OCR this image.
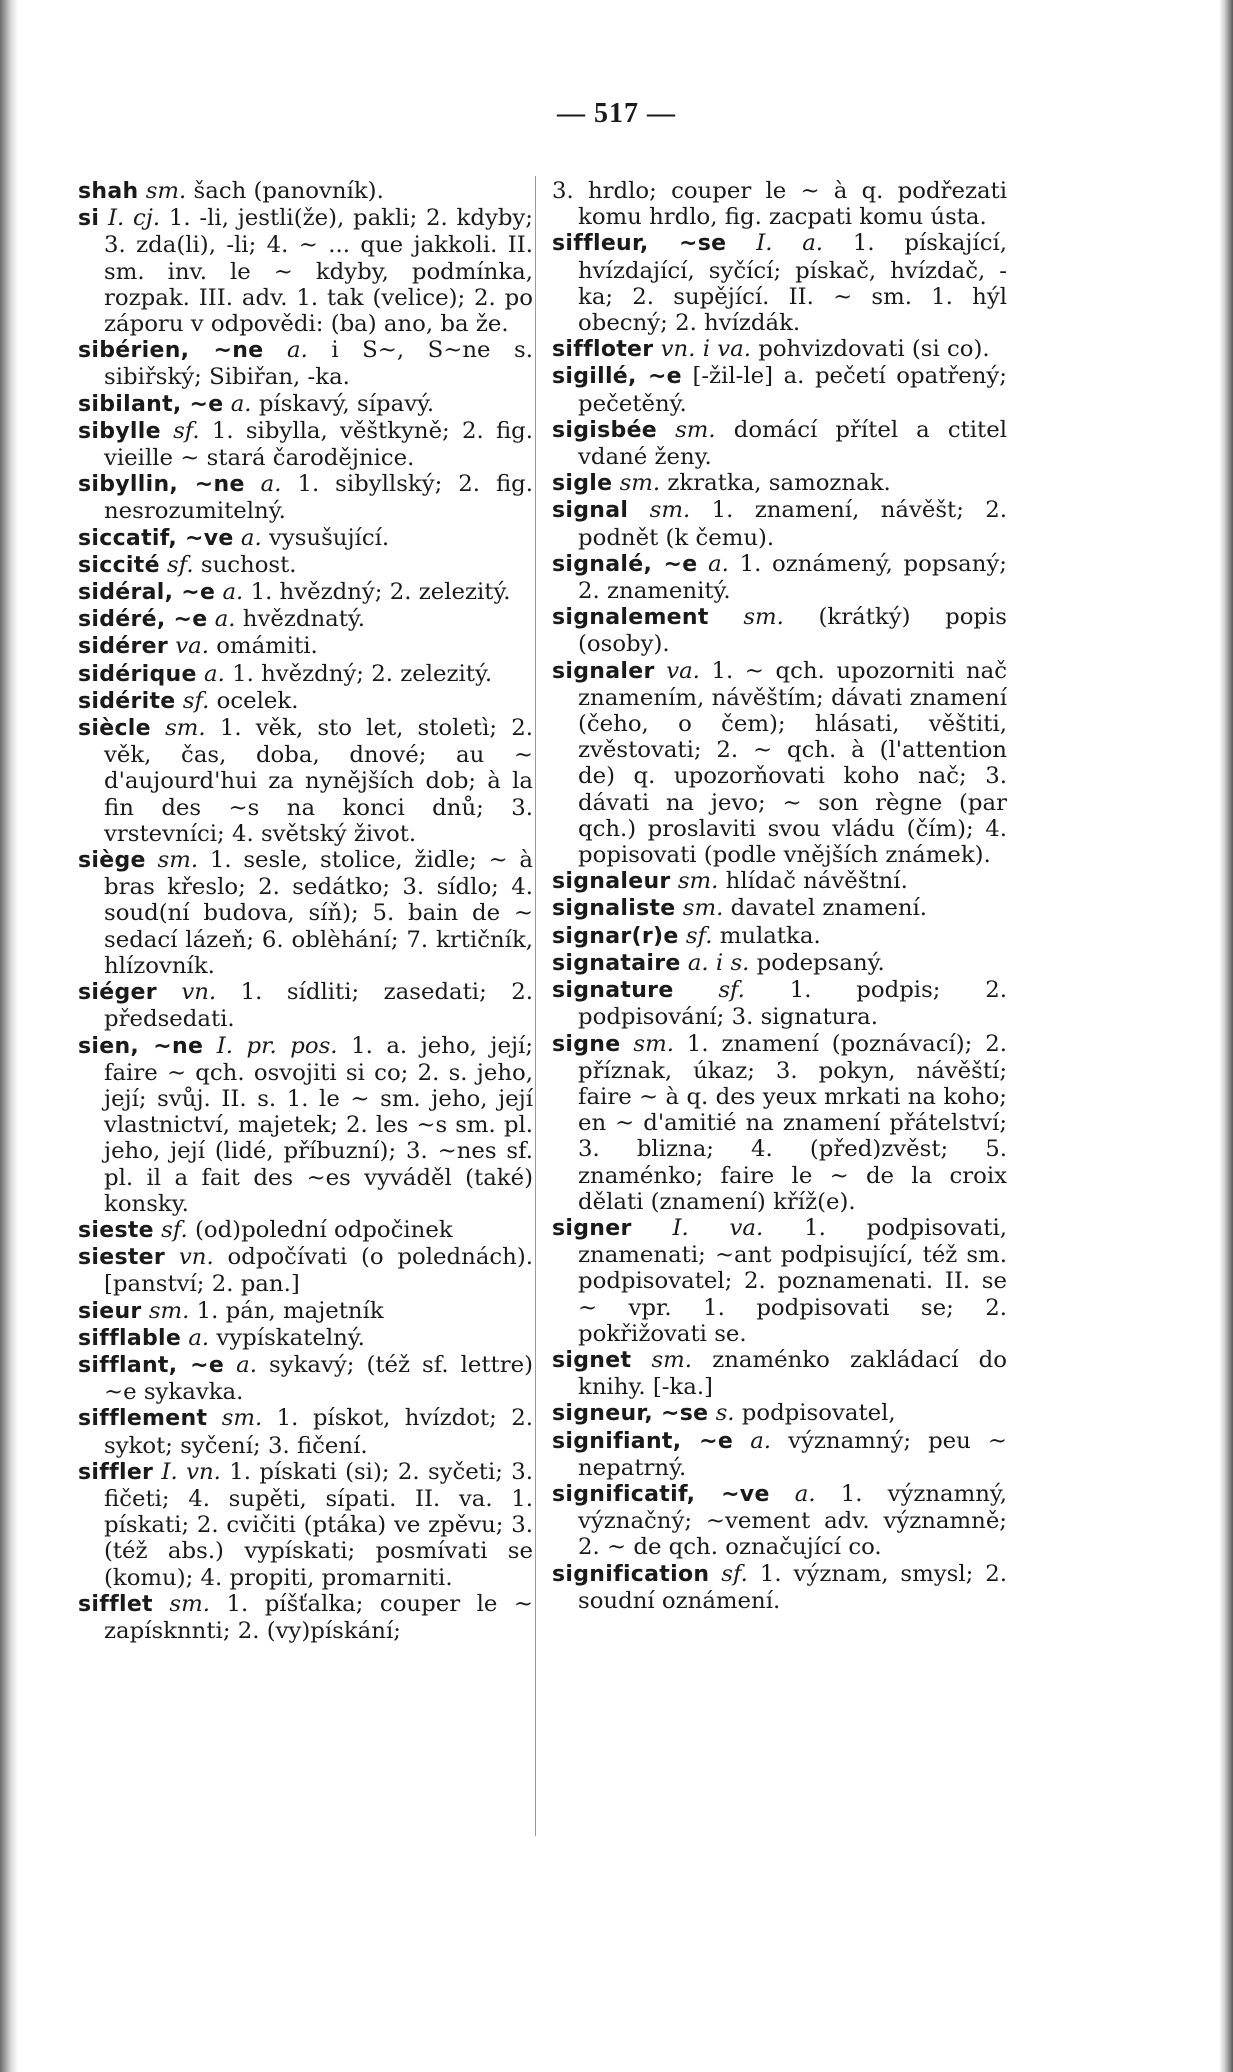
— 517 —

shah sm. šach (panovník).

si I. cj. 1. -li, jestli(že), pakli; 2. kdyby; 3. zda(li), -li; 4. ~ ... que jakkoli. II. sm. inv. le ~ kdyby, podmínka, rozpak. III. adv. 1. tak (velice); 2. po záporu v odpovědi: (ba) ano, ba že.

sibérien, ~ne a. i S~, S~ne s. sibiřský; Sibiřan, -ka.

sibilant, ~e a. pískavý, sípavý.

sibylle sf. 1. sibylla, věštkyně; 2. fig. vieille ~ stará čarodějnice.

sibyllin, ~ne a. 1. sibyllský; 2. fig. nesrozumitelný.

siccatif, ~ve a. vysušující.

siccité sf. suchost.

sidéral, ~e a. 1. hvězdný; 2. zelezitý.

sidéré, ~e a. hvězdnatý.

sidérer va. omámiti.

sidérique a. 1. hvězdný; 2. zelezitý.

sidérite sf. ocelek.

siècle sm. 1. věk, sto let, stoletì; 2. věk, čas, doba, dnové; au ~ d'aujourd'hui za nynějších dob; à la fin des ~s na konci dnů; 3. vrstevníci; 4. světský život.

siège sm. 1. sesle, stolice, židle; ~ à bras křeslo; 2. sedátko; 3. sídlo; 4. soud(ní budova, síň); 5. bain de ~ sedací lázeň; 6. oblèhání; 7. krtičník, hlízovník.

siéger vn. 1. sídliti; zasedati; 2. předsedati.

sien, ~ne I. pr. pos. 1. a. jeho, její; faire ~ qch. osvojiti si co; 2. s. jeho, její; svůj. II. s. 1. le ~ sm. jeho, její vlastnictví, majetek; 2. les ~s sm. pl. jeho, její (lidé, příbuzní); 3. ~nes sf. pl. il a fait des ~es vyváděl (také) konsky.

sieste sf. (od)polední odpočinek

siester vn. odpočívati (o polednách). [panství; 2. pan.]

sieur sm. 1. pán, majetník

sifflable a. vypískatelný.

sifflant, ~e a. sykavý; (též sf. lettre) ~e sykavka.

sifflement sm. 1. pískot, hvízdot; 2. sykot; syčení; 3. fičení.

siffler I. vn. 1. pískati (si); 2. syčeti; 3. fičeti; 4. supěti, sípati. II. va. 1. pískati; 2. cvičiti (ptáka) ve zpěvu; 3. (též abs.) vypískati; posmívati se (komu); 4. propiti, promarniti.

sifflet sm. 1. píšťalka; couper le ~ zapísknnti; 2. (vy)pískání;

3. hrdlo; couper le ~ à q. podřezati komu hrdlo, fig. zacpati komu ústa.

siffleur, ~se I. a. 1. pískající, hvízdající, syčící; pískač, hvízdač, -ka; 2. supějící. II. ~ sm. 1. hýl obecný; 2. hvízdák.

siffloter vn. i va. pohvizdovati (si co).

sigillé, ~e [-žil-le] a. pečetí opatřený; pečetěný.

sigisbée sm. domácí přítel a ctitel vdané ženy.

sigle sm. zkratka, samoznak.

signal sm. 1. znamení, návěšt; 2. podnět (k čemu).

signalé, ~e a. 1. oznámený, popsaný; 2. znamenitý.

signalement sm. (krátký) popis (osoby).

signaler va. 1. ~ qch. upozorniti nač znamením, návěštím; dávati znamení (čeho, o čem); hlásati, věštiti, zvěstovati; 2. ~ qch. à (l'attention de) q. upozorňovati koho nač; 3. dávati na jevo; ~ son règne (par qch.) proslaviti svou vládu (čím); 4. popisovati (podle vnějších známek).

signaleur sm. hlídač návěštní.

signaliste sm. davatel znamení.

signar(r)e sf. mulatka.

signataire a. i s. podepsaný.

signature sf. 1. podpis; 2. podpisování; 3. signatura.

signe sm. 1. znamení (poznávací); 2. příznak, úkaz; 3. pokyn, návěští; faire ~ à q. des yeux mrkati na koho; en ~ d'amitié na znamení přátelství; 3. blizna; 4. (před)zvěst; 5. znaménko; faire le ~ de la croix dělati (znamení) kříž(e).

signer I. va. 1. podpisovati, znamenati; ~ant podpisující, též sm. podpisovatel; 2. poznamenati. II. se ~ vpr. 1. podpisovati se; 2. pokřižovati se.

signet sm. znaménko zakládací do knihy. [-ka.]

signeur, ~se s. podpisovatel,

signifiant, ~e a. významný; peu ~ nepatrný.

significatif, ~ve a. 1. významný, význačný; ~vement adv. významně; 2. ~ de qch. označující co.

signification sf. 1. význam, smysl; 2. soudní oznámení.
